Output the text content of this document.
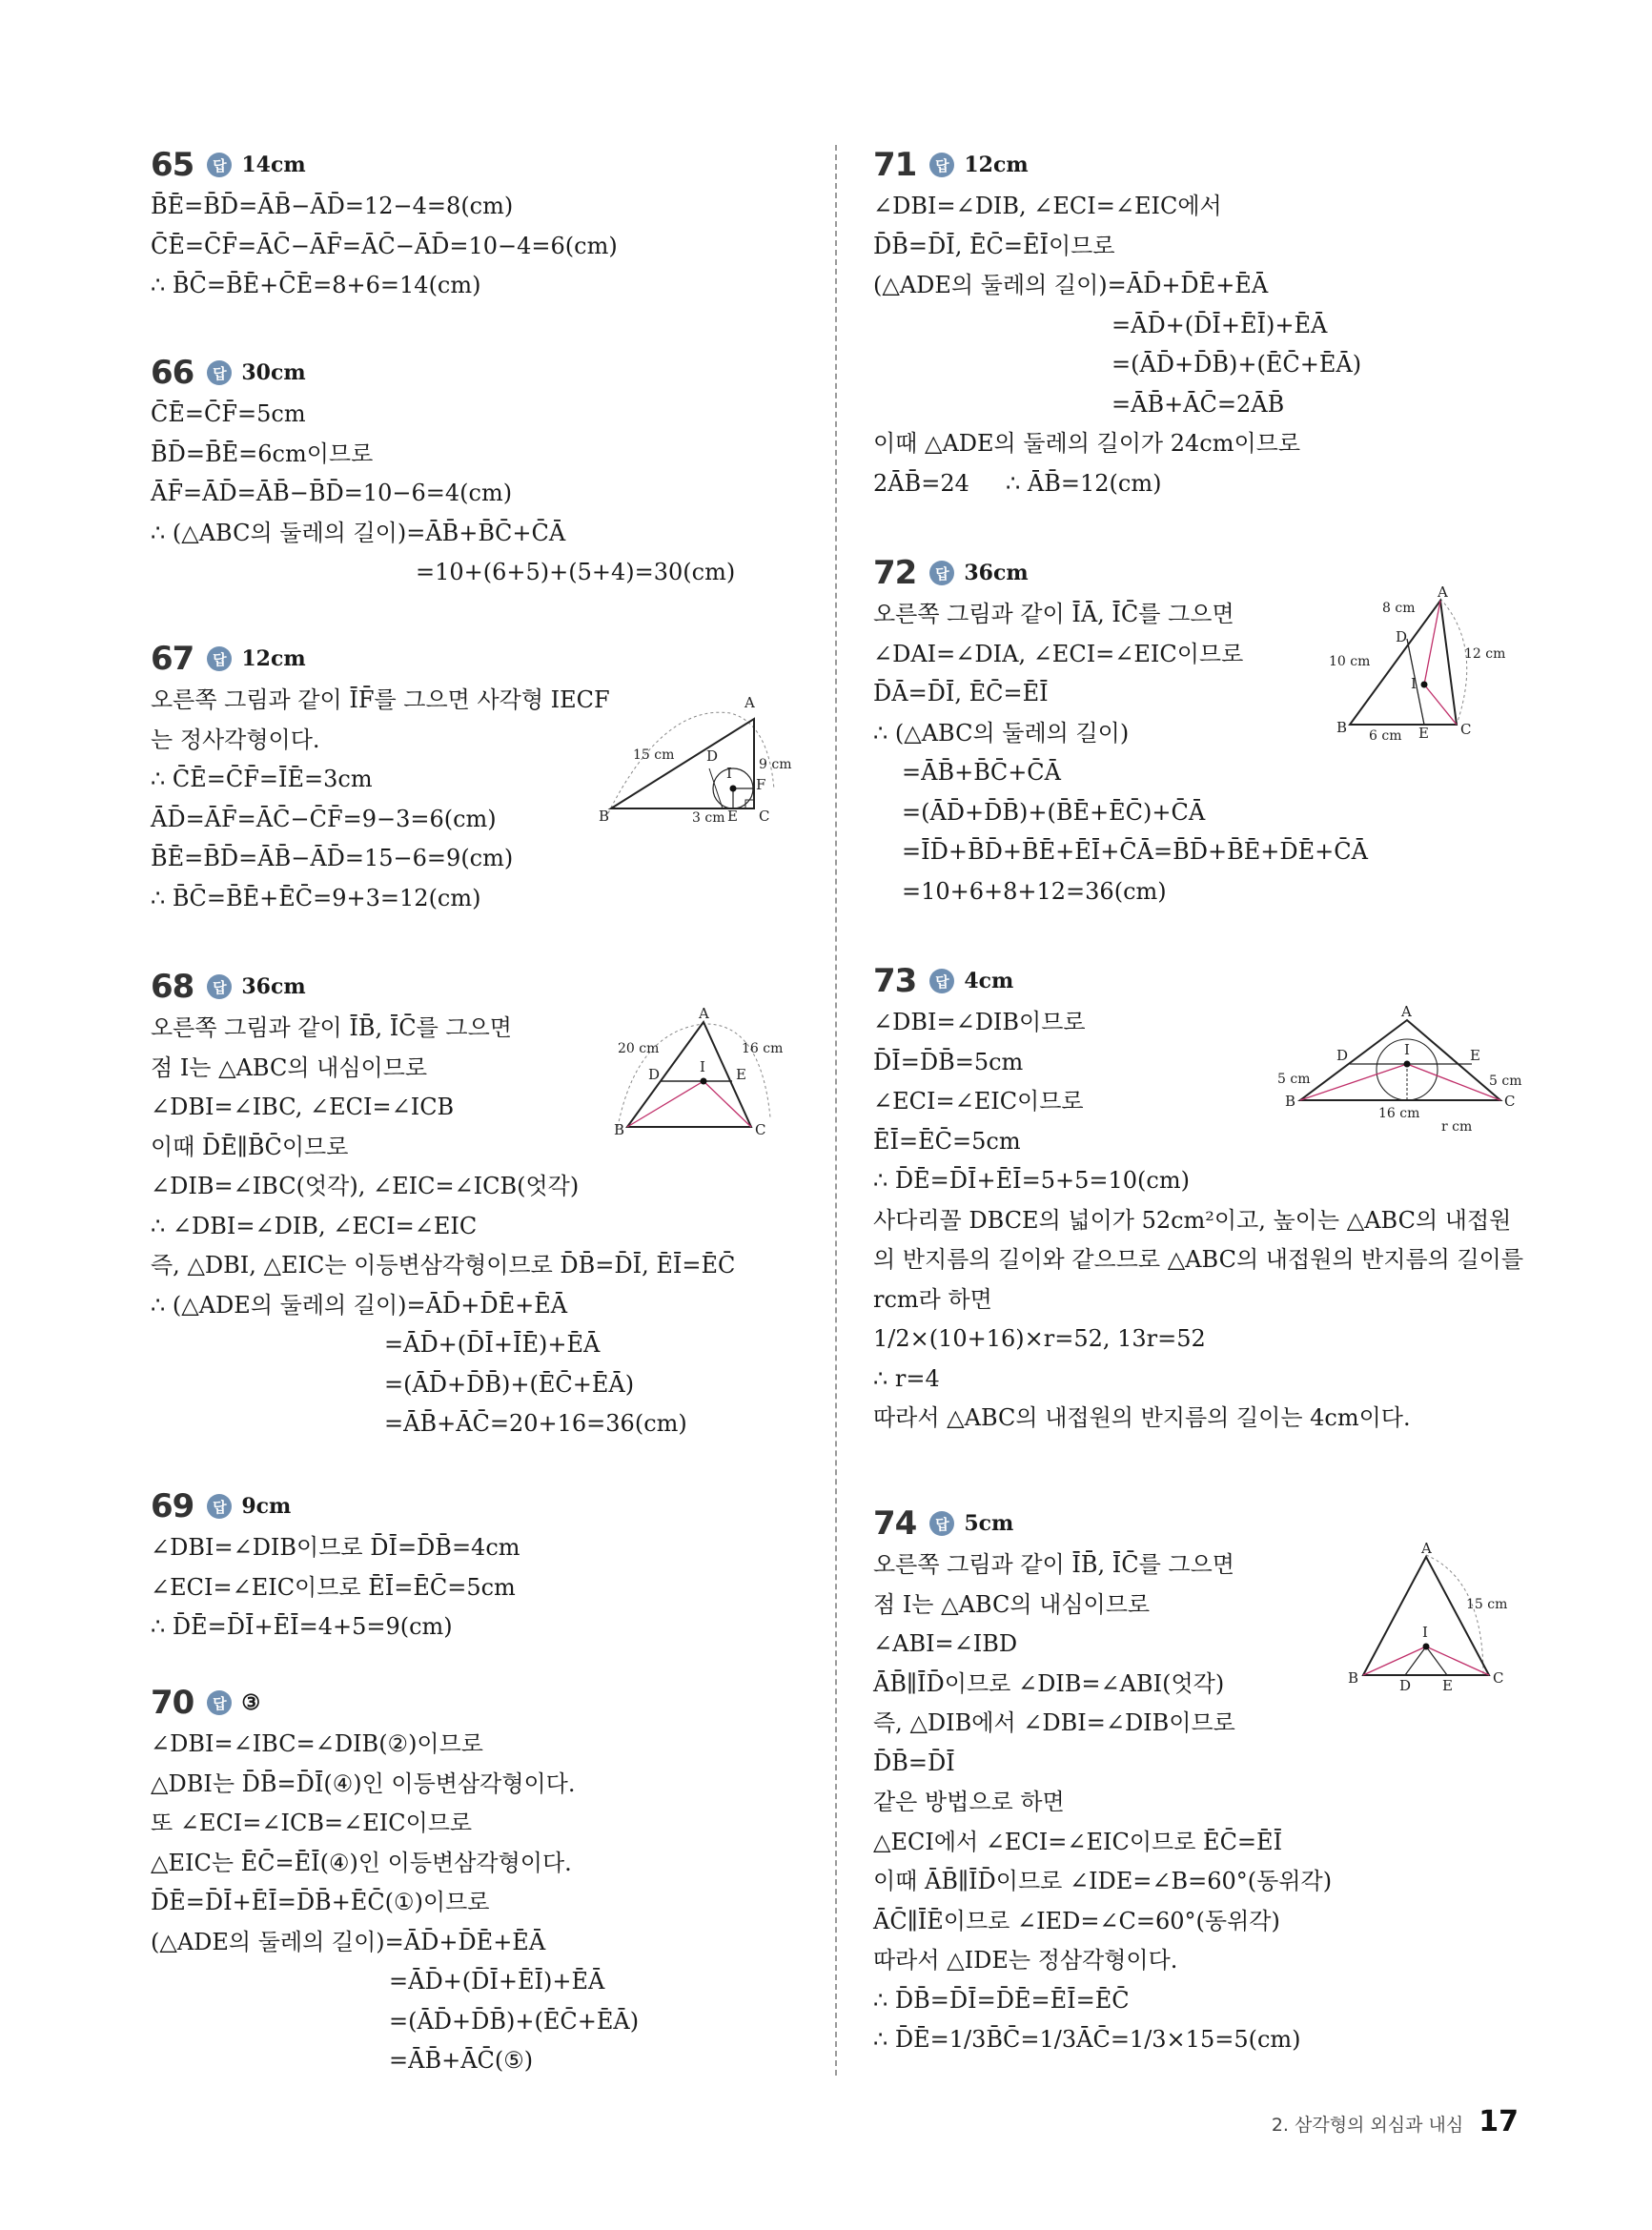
65	답 14cm
B̄Ē=B̄D̄=ĀB̄−ĀD̄=12−4=8(cm)
C̄Ē=C̄F̄=ĀC̄−ĀF̄=ĀC̄−ĀD̄=10−4=6(cm)
∴ B̄C̄=B̄Ē+C̄Ē=8+6=14(cm)
66	답 30cm
C̄Ē=C̄F̄=5cm
B̄D̄=B̄Ē=6cm이므로
ĀF̄=ĀD̄=ĀB̄−B̄D̄=10−6=4(cm)
∴ (△ABC의 둘레의 길이)=ĀB̄+B̄C̄+C̄Ā
=10+(6+5)+(5+4)=30(cm)
67	답 12cm
오른쪽 그림과 같이 ĪF̄를 그으면 사각형 IECF
는 정사각형이다.
∴ C̄Ē=C̄F̄=ĪĒ=3cm
ĀD̄=ĀF̄=ĀC̄−C̄F̄=9−3=6(cm)
B̄Ē=B̄D̄=ĀB̄−ĀD̄=15−6=9(cm)
∴ B̄C̄=B̄Ē+ĒC̄=9+3=12(cm)
A
B	C
D
E
F
I
15 cm
9 cm
3 cm
68	답 36cm
오른쪽 그림과 같이 ĪB̄, ĪC̄를 그으면
점 I는 △ABC의 내심이므로
∠DBI=∠IBC, ∠ECI=∠ICB
이때 D̄Ē∥B̄C̄이므로
∠DIB=∠IBC(엇각), ∠EIC=∠ICB(엇각)
∴ ∠DBI=∠DIB, ∠ECI=∠EIC
즉, △DBI, △EIC는 이등변삼각형이므로 D̄B̄=D̄Ī, ĒĪ=ĒC̄
∴ (△ADE의 둘레의 길이)=ĀD̄+D̄Ē+ĒĀ
=ĀD̄+(D̄Ī+ĪĒ)+ĒĀ
=(ĀD̄+D̄B̄)+(ĒC̄+ĒĀ)
=ĀB̄+ĀC̄=20+16=36(cm)
A
B	C
D	E
I
20 cm	16 cm
69	답 9cm
∠DBI=∠DIB이므로 D̄Ī=D̄B̄=4cm
∠ECI=∠EIC이므로 ĒĪ=ĒC̄=5cm
∴ D̄Ē=D̄Ī+ĒĪ=4+5=9(cm)
70	답 ③
∠DBI=∠IBC=∠DIB(②)이므로
△DBI는 D̄B̄=D̄Ī(④)인 이등변삼각형이다.
또 ∠ECI=∠ICB=∠EIC이므로
△EIC는 ĒC̄=ĒĪ(④)인 이등변삼각형이다.
D̄Ē=D̄Ī+ĒĪ=D̄B̄+ĒC̄(①)이므로
(△ADE의 둘레의 길이)=ĀD̄+D̄Ē+ĒĀ
=ĀD̄+(D̄Ī+ĒĪ)+ĒĀ
=(ĀD̄+D̄B̄)+(ĒC̄+ĒĀ)
=ĀB̄+ĀC̄(⑤)
71	답 12cm
∠DBI=∠DIB, ∠ECI=∠EIC에서
D̄B̄=D̄Ī, ĒC̄=ĒĪ이므로
(△ADE의 둘레의 길이)=ĀD̄+D̄Ē+ĒĀ
=ĀD̄+(D̄Ī+ĒĪ)+ĒĀ
=(ĀD̄+D̄B̄)+(ĒC̄+ĒĀ)
=ĀB̄+ĀC̄=2ĀB̄
이때 △ADE의 둘레의 길이가 24cm이므로
2ĀB̄=24     ∴ ĀB̄=12(cm)
72	답 36cm
오른쪽 그림과 같이 ĪĀ, ĪC̄를 그으면
∠DAI=∠DIA, ∠ECI=∠EIC이므로
D̄Ā=D̄Ī, ĒC̄=ĒĪ
∴ (△ABC의 둘레의 길이)
=ĀB̄+B̄C̄+C̄Ā
=(ĀD̄+D̄B̄)+(B̄Ē+ĒC̄)+C̄Ā
=ĪD̄+B̄D̄+B̄Ē+ĒĪ+C̄Ā=B̄D̄+B̄Ē+D̄Ē+C̄Ā
=10+6+8+12=36(cm)
A
B	C
D
E
I
8 cm
10 cm	12 cm
6 cm
73	답 4cm
∠DBI=∠DIB이므로
D̄Ī=D̄B̄=5cm
∠ECI=∠EIC이므로
ĒĪ=ĒC̄=5cm
∴ D̄Ē=D̄Ī+ĒĪ=5+5=10(cm)
사다리꼴 DBCE의 넓이가 52cm²이고, 높이는 △ABC의 내접원
의 반지름의 길이와 같으므로 △ABC의 내접원의 반지름의 길이를
rcm라 하면
1/2×(10+16)×r=52, 13r=52
∴ r=4
따라서 △ABC의 내접원의 반지름의 길이는 4cm이다.
A
B	C
D	E
I
5 cm	5 cm
16 cm
r cm
74	답 5cm
오른쪽 그림과 같이 ĪB̄, ĪC̄를 그으면
점 I는 △ABC의 내심이므로
∠ABI=∠IBD
ĀB̄∥ĪD̄이므로 ∠DIB=∠ABI(엇각)
즉, △DIB에서 ∠DBI=∠DIB이므로
D̄B̄=D̄Ī
같은 방법으로 하면
△ECI에서 ∠ECI=∠EIC이므로 ĒC̄=ĒĪ
이때 ĀB̄∥ĪD̄이므로 ∠IDE=∠B=60°(동위각)
ĀC̄∥ĪĒ이므로 ∠IED=∠C=60°(동위각)
따라서 △IDE는 정삼각형이다.
∴ D̄B̄=D̄Ī=D̄Ē=ĒĪ=ĒC̄
∴ D̄Ē=1/3B̄C̄=1/3ĀC̄=1/3×15=5(cm)
A
B	C
D E
I
15 cm
2. 삼각형의 외심과 내심 17
